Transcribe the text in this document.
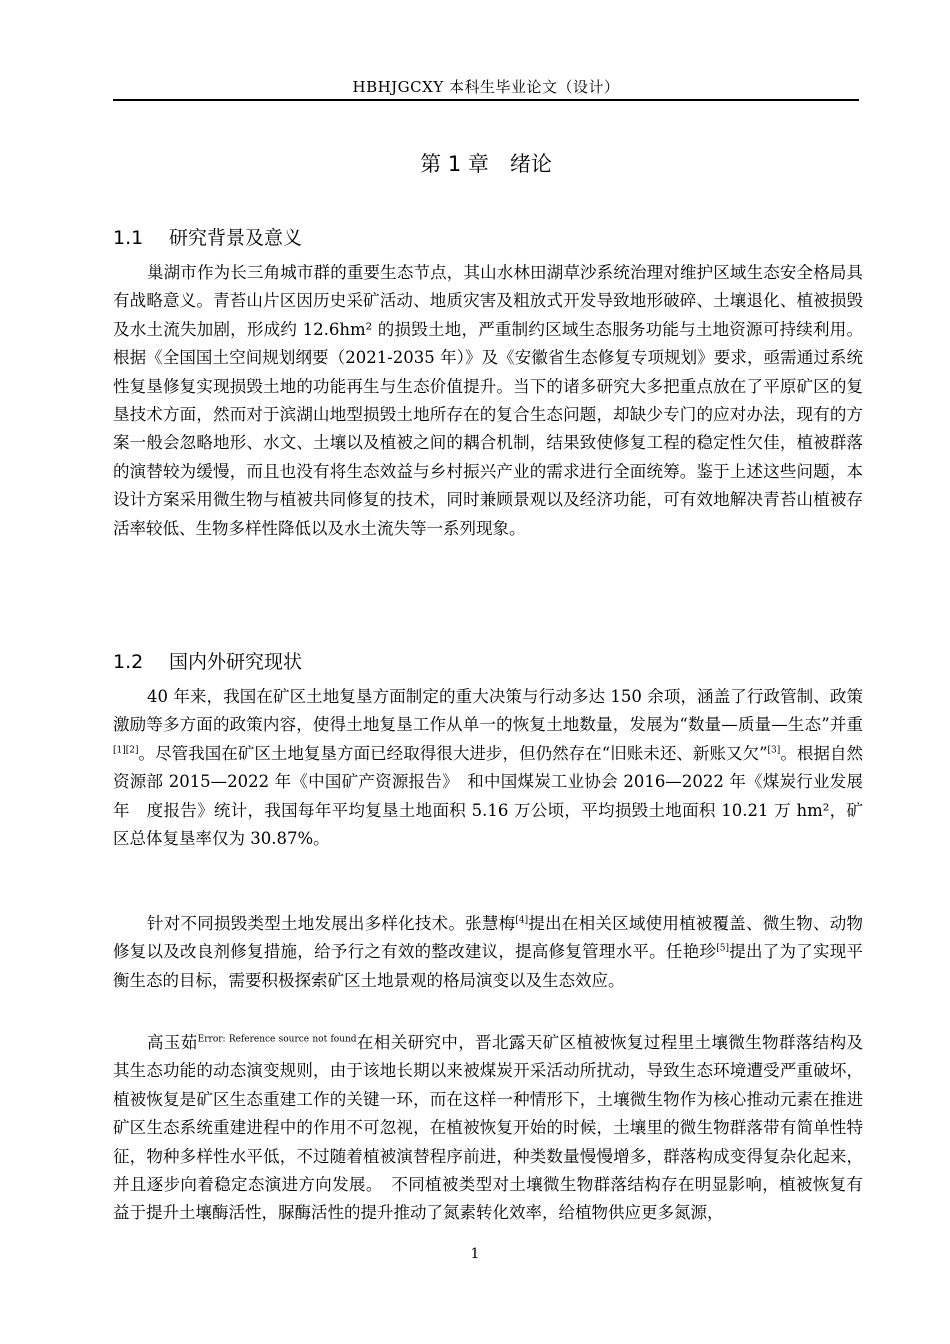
HBHJGCXY 本科生毕业论文（设计）
第 1 章　绪论
1.1 研究背景及意义

巢湖市作为长三角城市群的重要生态节点，其山水林田湖草沙系统治理对维护区域生态安全格局具有战略意义。青苔山片区因历史采矿活动、地质灾害及粗放式开发导致地形破碎、土壤退化、植被损毁及水土流失加剧，形成约 12.6hm² 的损毁土地，严重制约区域生态服务功能与土地资源可持续利用。根据《全国国土空间规划纲要（2021-2035 年）》及《安徽省生态修复专项规划》要求，亟需通过系统性复垦修复实现损毁土地的功能再生与生态价值提升。当下的诸多研究大多把重点放在了平原矿区的复垦技术方面，然而对于滨湖山地型损毁土地所存在的复合生态问题，却缺少专门的应对办法，现有的方案一般会忽略地形、水文、土壤以及植被之间的耦合机制，结果致使修复工程的稳定性欠佳，植被群落的演替较为缓慢，而且也没有将生态效益与乡村振兴产业的需求进行全面统筹。鉴于上述这些问题，本设计方案采用微生物与植被共同修复的技术，同时兼顾景观以及经济功能，可有效地解决青苔山植被存活率较低、生物多样性降低以及水土流失等一系列现象。

1.2 国内外研究现状

40 年来，我国在矿区土地复垦方面制定的重大决策与行动多达 150 余项，涵盖了行政管制、政策激励等多方面的政策内容，使得土地复垦工作从单一的恢复土地数量，发展为“数量—质量—生态”并重[1][2]。尽管我国在矿区土地复垦方面已经取得很大进步，但仍然存在“旧账未还、新账又欠”[3]。根据自然资源部 2015—2022 年《中国矿产资源报告》　和中国煤炭工业协会 2016—2022 年《煤炭行业发展年　度报告》统计，我国每年平均复垦土地面积 5.16 万公顷，平均损毁土地面积 10.21 万 hm²，矿区总体复垦率仅为 30.87%。

针对不同损毁类型土地发展出多样化技术。张慧梅[4]提出在相关区域使用植被覆盖、微生物、动物修复以及改良剂修复措施，给予行之有效的整改建议，提高修复管理水平。任艳珍[5]提出了为了实现平衡生态的目标，需要积极探索矿区土地景观的格局演变以及生态效应。

高玉茹$^{Error: Reference source not found}$在相关研究中，晋北露天矿区植被恢复过程里土壤微生物群落结构及其生态功能的动态演变规则，由于该地长期以来被煤炭开采活动所扰动，导致生态环境遭受严重破坏，植被恢复是矿区生态重建工作的关键一环，而在这样一种情形下，土壤微生物作为核心推动元素在推进矿区生态系统重建进程中的作用不可忽视，在植被恢复开始的时候，土壤里的微生物群落带有简单性特征，物种多样性水平低，不过随着植被演替程序前进，种类数量慢慢增多，群落构成变得复杂化起来，并且逐步向着稳定态演进方向发展。　不同植被类型对土壤微生物群落结构存在明显影响，植被恢复有益于提升土壤酶活性，脲酶活性的提升推动了氮素转化效率，给植物供应更多氮源，

1
